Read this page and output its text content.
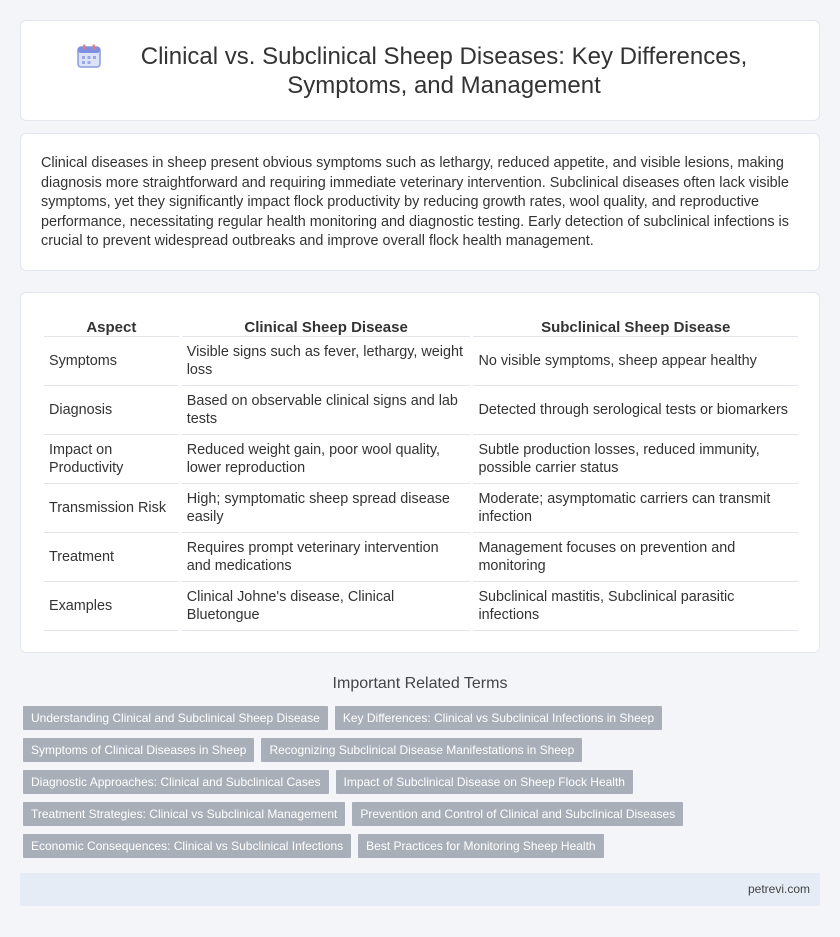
Clinical vs. Subclinical Sheep Diseases: Key Differences, Symptoms, and Management

Clinical diseases in sheep present obvious symptoms such as lethargy, reduced appetite, and visible lesions, making diagnosis more straightforward and requiring immediate veterinary intervention. Subclinical diseases often lack visible symptoms, yet they significantly impact flock productivity by reducing growth rates, wool quality, and reproductive performance, necessitating regular health monitoring and diagnostic testing. Early detection of subclinical infections is crucial to prevent widespread outbreaks and improve overall flock health management.

Aspect	Clinical Sheep Disease	Subclinical Sheep Disease
Symptoms	Visible signs such as fever, lethargy, weight loss	No visible symptoms, sheep appear healthy
Diagnosis	Based on observable clinical signs and lab tests	Detected through serological tests or biomarkers
Impact on Productivity	Reduced weight gain, poor wool quality, lower reproduction	Subtle production losses, reduced immunity, possible carrier status
Transmission Risk	High; symptomatic sheep spread disease easily	Moderate; asymptomatic carriers can transmit infection
Treatment	Requires prompt veterinary intervention and medications	Management focuses on prevention and monitoring
Examples	Clinical Johne's disease, Clinical Bluetongue	Subclinical mastitis, Subclinical parasitic infections
Important Related Terms
Understanding Clinical and Subclinical Sheep Disease	Key Differences: Clinical vs Subclinical Infections in Sheep
Symptoms of Clinical Diseases in Sheep	Recognizing Subclinical Disease Manifestations in Sheep
Diagnostic Approaches: Clinical and Subclinical Cases	Impact of Subclinical Disease on Sheep Flock Health
Treatment Strategies: Clinical vs Subclinical Management	Prevention and Control of Clinical and Subclinical Diseases
Economic Consequences: Clinical vs Subclinical Infections	Best Practices for Monitoring Sheep Health
petrevi.com
